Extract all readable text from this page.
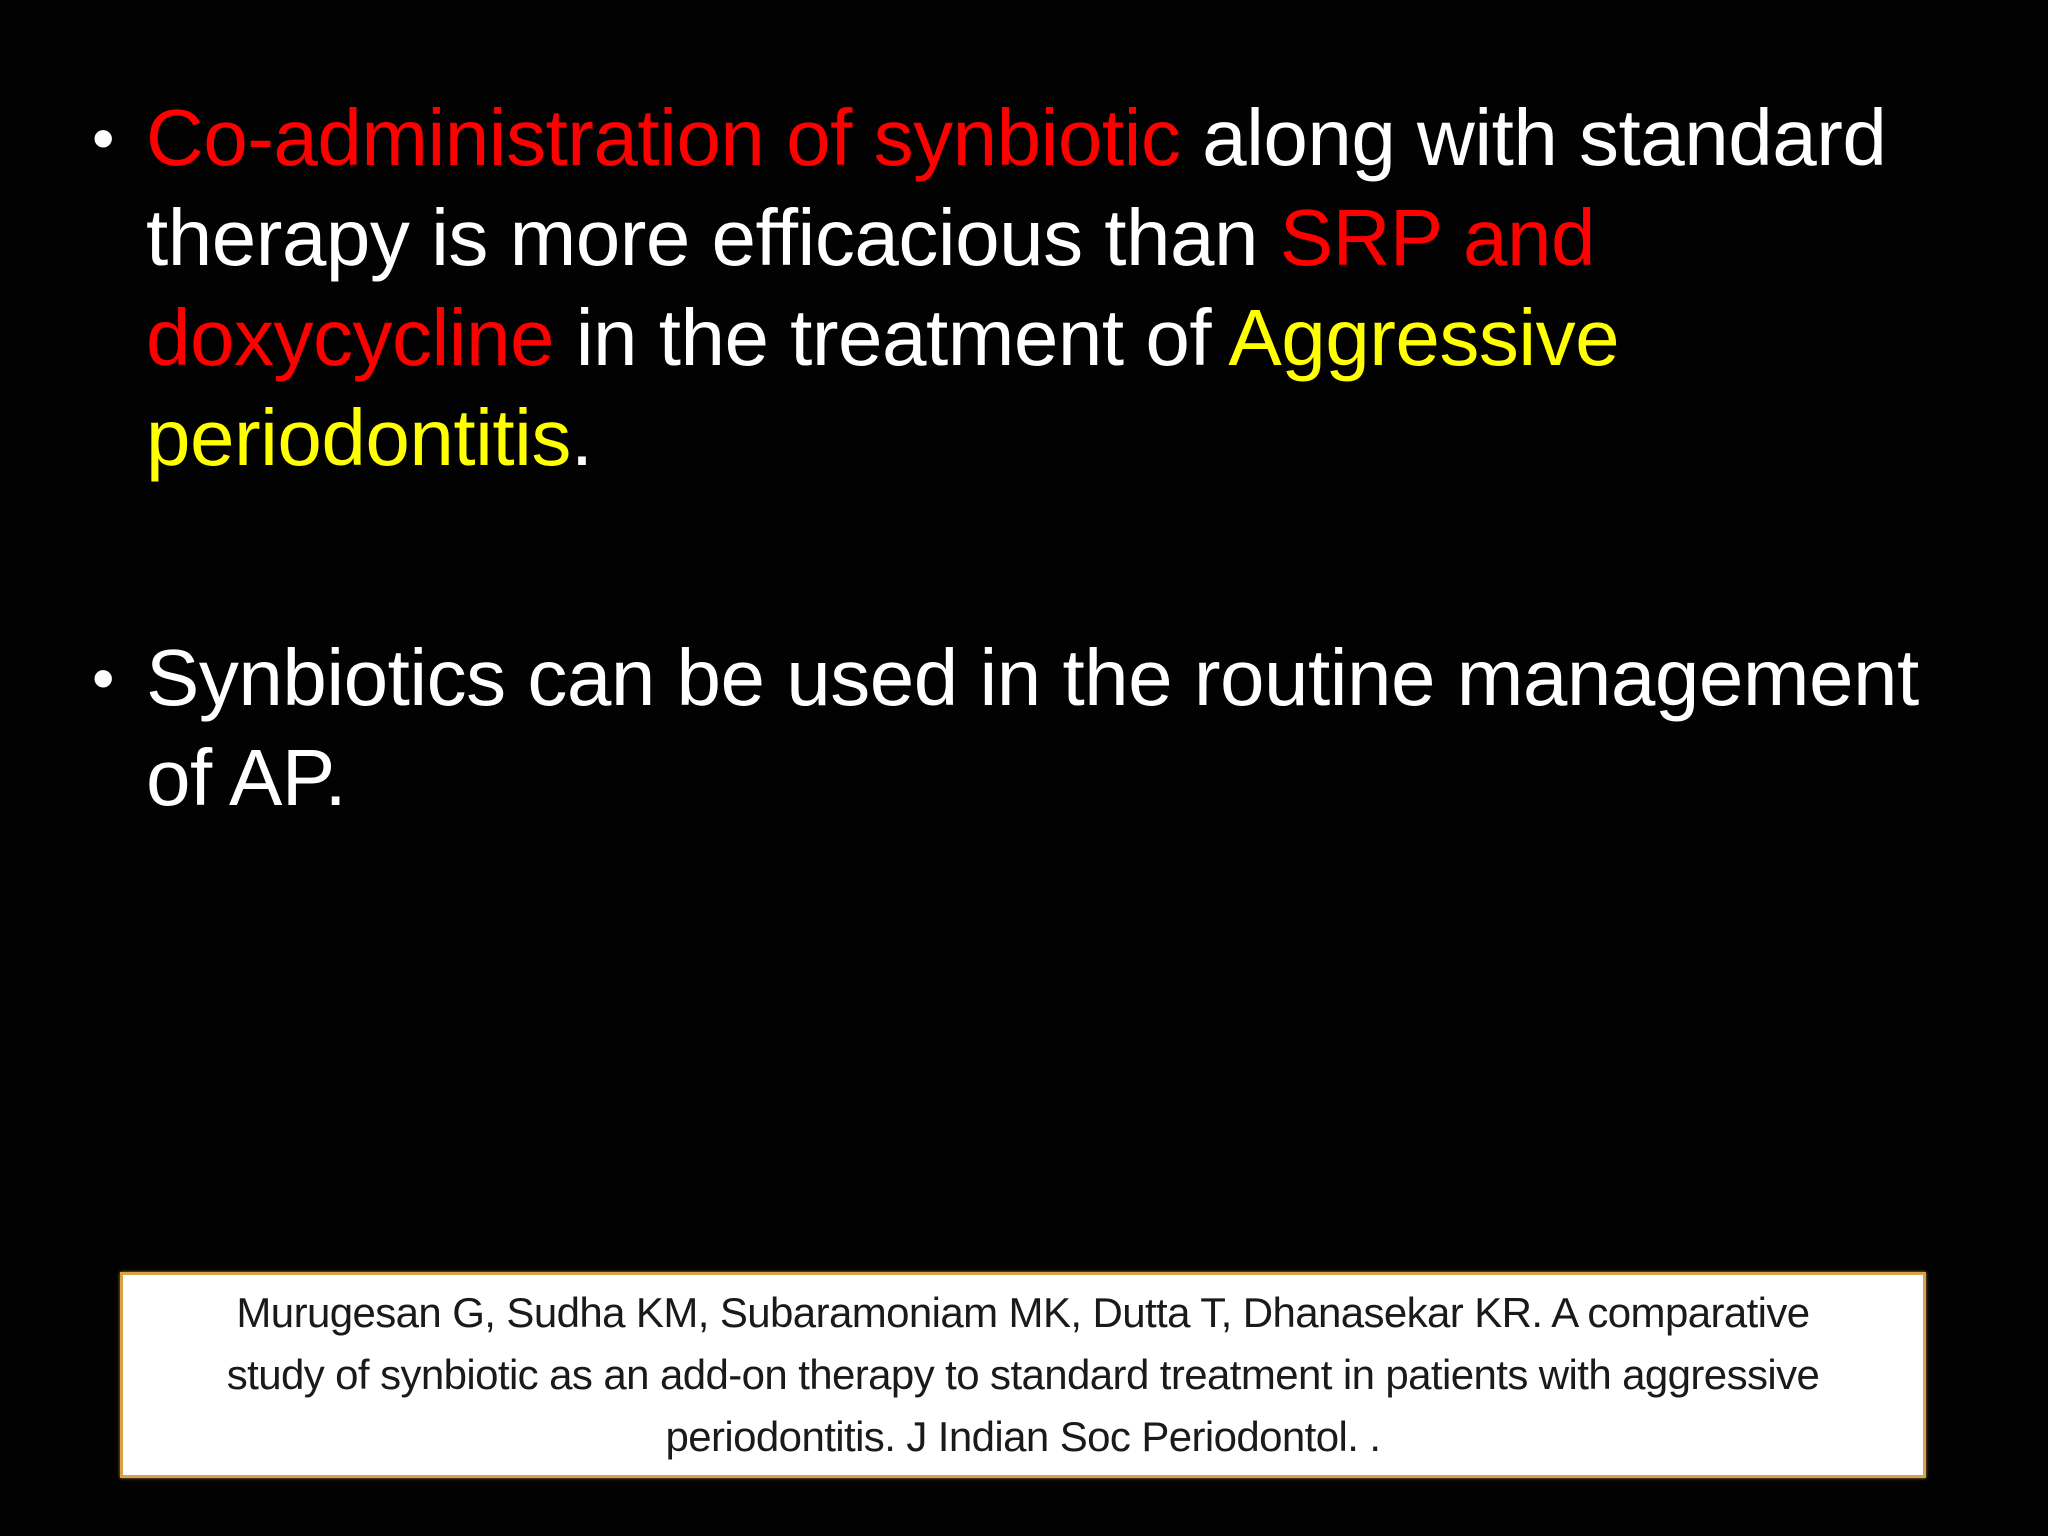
• Co-administration of synbiotic along with standard therapy is more efficacious than SRP and doxycycline in the treatment of Aggressive periodontitis.
• Synbiotics can be used in the routine management of AP.
Murugesan G, Sudha KM, Subaramoniam MK, Dutta T, Dhanasekar KR. A comparative study of synbiotic as an add-on therapy to standard treatment in patients with aggressive periodontitis. J Indian Soc Periodontol. .
